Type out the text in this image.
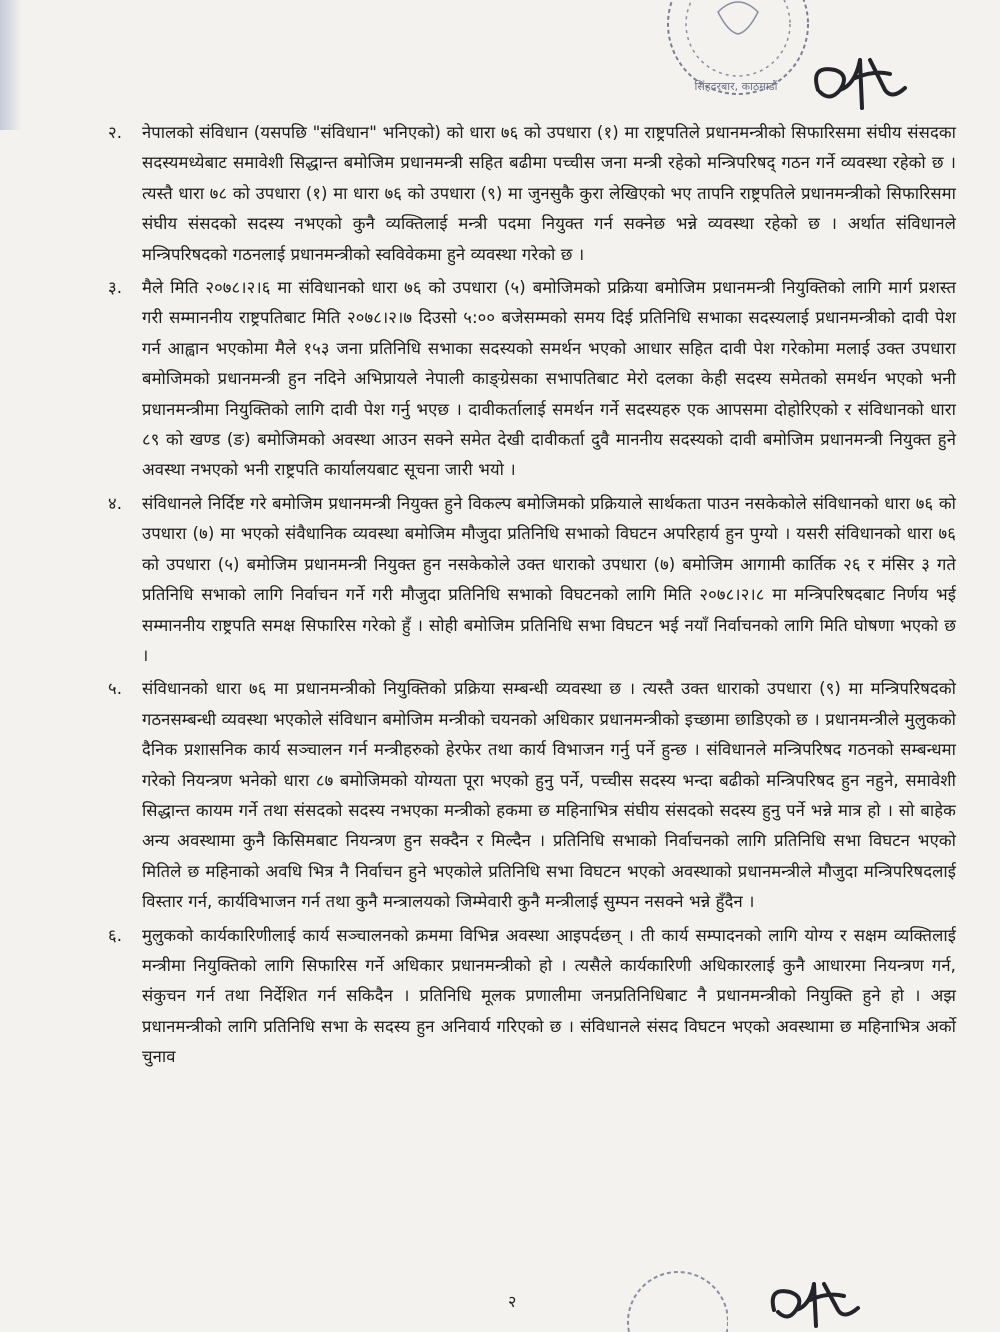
सिंहदरबार, काठमाडौं
२.	नेपालको संविधान (यसपछि "संविधान" भनिएको) को धारा ७६ को उपधारा (१) मा राष्ट्रपतिले प्रधानमन्त्रीको सिफारिसमा संघीय संसदका सदस्यमध्येबाट समावेशी सिद्धान्त बमोजिम प्रधानमन्त्री सहित बढीमा पच्चीस जना मन्त्री रहेको मन्त्रिपरिषद् गठन गर्ने व्यवस्था रहेको छ । त्यस्तै धारा ७८ को उपधारा (१) मा धारा ७६ को उपधारा (९) मा जुनसुकै कुरा लेखिएको भए तापनि राष्ट्रपतिले प्रधानमन्त्रीको सिफारिसमा संघीय संसदको सदस्य नभएको कुनै व्यक्तिलाई मन्त्री पदमा नियुक्त गर्न सक्नेछ भन्ने व्यवस्था रहेको छ । अर्थात संविधानले मन्त्रिपरिषदको गठनलाई प्रधानमन्त्रीको स्वविवेकमा हुने व्यवस्था गरेको छ ।
३.	मैले मिति २०७८।२।६ मा संविधानको धारा ७६ को उपधारा (५) बमोजिमको प्रक्रिया बमोजिम प्रधानमन्त्री नियुक्तिको लागि मार्ग प्रशस्त गरी सम्माननीय राष्ट्रपतिबाट मिति २०७८।२।७ दिउसो ५:०० बजेसम्मको समय दिई प्रतिनिधि सभाका सदस्यलाई प्रधानमन्त्रीको दावी पेश गर्न आह्वान भएकोमा मैले १५३ जना प्रतिनिधि सभाका सदस्यको समर्थन भएको आधार सहित दावी पेश गरेकोमा मलाई उक्त उपधारा बमोजिमको प्रधानमन्त्री हुन नदिने अभिप्रायले नेपाली काङ्ग्रेसका सभापतिबाट मेरो दलका केही सदस्य समेतको समर्थन भएको भनी प्रधानमन्त्रीमा नियुक्तिको लागि दावी पेश गर्नु भएछ । दावीकर्तालाई समर्थन गर्ने सदस्यहरु एक आपसमा दोहोरिएको र संविधानको धारा ८९ को खण्ड (ङ) बमोजिमको अवस्था आउन सक्ने समेत देखी दावीकर्ता दुवै माननीय सदस्यको दावी बमोजिम प्रधानमन्त्री नियुक्त हुने अवस्था नभएको भनी राष्ट्रपति कार्यालयबाट सूचना जारी भयो ।
४.	संविधानले निर्दिष्ट गरे बमोजिम प्रधानमन्त्री नियुक्त हुने विकल्प बमोजिमको प्रक्रियाले सार्थकता पाउन नसकेकोले संविधानको धारा ७६ को उपधारा (७) मा भएको संवैधानिक व्यवस्था बमोजिम मौजुदा प्रतिनिधि सभाको विघटन अपरिहार्य हुन पुग्यो । यसरी संविधानको धारा ७६ को उपधारा (५) बमोजिम प्रधानमन्त्री नियुक्त हुन नसकेकोले उक्त धाराको उपधारा (७) बमोजिम आगामी कार्तिक २६ र मंसिर ३ गते प्रतिनिधि सभाको लागि निर्वाचन गर्ने गरी मौजुदा प्रतिनिधि सभाको विघटनको लागि मिति २०७८।२।८ मा मन्त्रिपरिषदबाट निर्णय भई सम्माननीय राष्ट्रपति समक्ष सिफारिस गरेको हुँ । सोही बमोजिम प्रतिनिधि सभा विघटन भई नयाँ निर्वाचनको लागि मिति घोषणा भएको छ ।
५.	संविधानको धारा ७६ मा प्रधानमन्त्रीको नियुक्तिको प्रक्रिया सम्बन्धी व्यवस्था छ । त्यस्तै उक्त धाराको उपधारा (९) मा मन्त्रिपरिषदको गठनसम्बन्धी व्यवस्था भएकोले संविधान बमोजिम मन्त्रीको चयनको अधिकार प्रधानमन्त्रीको इच्छामा छाडिएको छ । प्रधानमन्त्रीले मुलुकको दैनिक प्रशासनिक कार्य सञ्चालन गर्न मन्त्रीहरुको हेरफेर तथा कार्य विभाजन गर्नु पर्ने हुन्छ । संविधानले मन्त्रिपरिषद गठनको सम्बन्धमा गरेको नियन्त्रण भनेको धारा ८७ बमोजिमको योग्यता पूरा भएको हुनु पर्ने, पच्चीस सदस्य भन्दा बढीको मन्त्रिपरिषद हुन नहुने, समावेशी सिद्धान्त कायम गर्ने तथा संसदको सदस्य नभएका मन्त्रीको हकमा छ महिनाभित्र संघीय संसदको सदस्य हुनु पर्ने भन्ने मात्र हो । सो बाहेक अन्य अवस्थामा कुनै किसिमबाट नियन्त्रण हुन सक्दैन र मिल्दैन । प्रतिनिधि सभाको निर्वाचनको लागि प्रतिनिधि सभा विघटन भएको मितिले छ महिनाको अवधि भित्र नै निर्वाचन हुने भएकोले प्रतिनिधि सभा विघटन भएको अवस्थाको प्रधानमन्त्रीले मौजुदा मन्त्रिपरिषदलाई विस्तार गर्न, कार्यविभाजन गर्न तथा कुनै मन्त्रालयको जिम्मेवारी कुनै मन्त्रीलाई सुम्पन नसक्ने भन्ने हुँदैन ।
६.	मुलुकको कार्यकारिणीलाई कार्य सञ्चालनको क्रममा विभिन्न अवस्था आइपर्दछन् । ती कार्य सम्पादनको लागि योग्य र सक्षम व्यक्तिलाई मन्त्रीमा नियुक्तिको लागि सिफारिस गर्ने अधिकार प्रधानमन्त्रीको हो । त्यसैले कार्यकारिणी अधिकारलाई कुनै आधारमा नियन्त्रण गर्न, संकुचन गर्न तथा निर्देशित गर्न सकिदैन । प्रतिनिधि मूलक प्रणालीमा जनप्रतिनिधिबाट नै प्रधानमन्त्रीको नियुक्ति हुने हो । अझ प्रधानमन्त्रीको लागि प्रतिनिधि सभा के सदस्य हुन अनिवार्य गरिएको छ । संविधानले संसद विघटन भएको अवस्थामा छ महिनाभित्र अर्को चुनाव
२
